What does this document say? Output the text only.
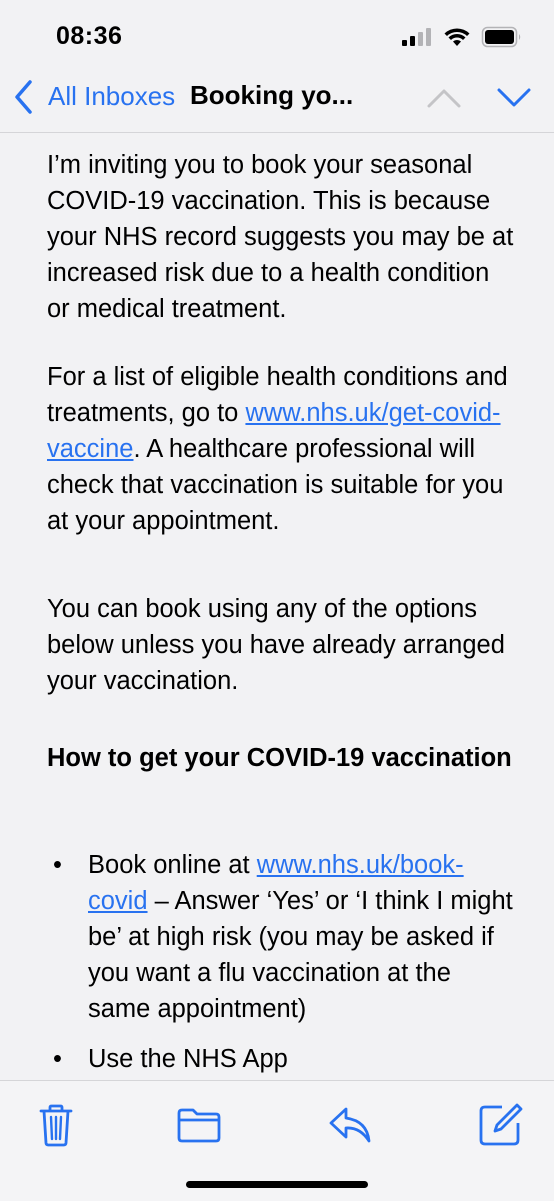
08:36
All Inboxes Booking yo...

I’m inviting you to book your seasonal COVID-19 vaccination. This is because your NHS record suggests you may be at increased risk due to a health condition or medical treatment.

For a list of eligible health conditions and treatments, go to www.nhs.uk/get-covid-vaccine. A healthcare professional will check that vaccination is suitable for you at your appointment.

You can book using any of the options below unless you have already arranged your vaccination.

How to get your COVID-19 vaccination

• Book online at www.nhs.uk/book-covid – Answer ‘Yes’ or ‘I think I might be’ at high risk (you may be asked if you want a flu vaccination at the same appointment)
• Use the NHS App
•
